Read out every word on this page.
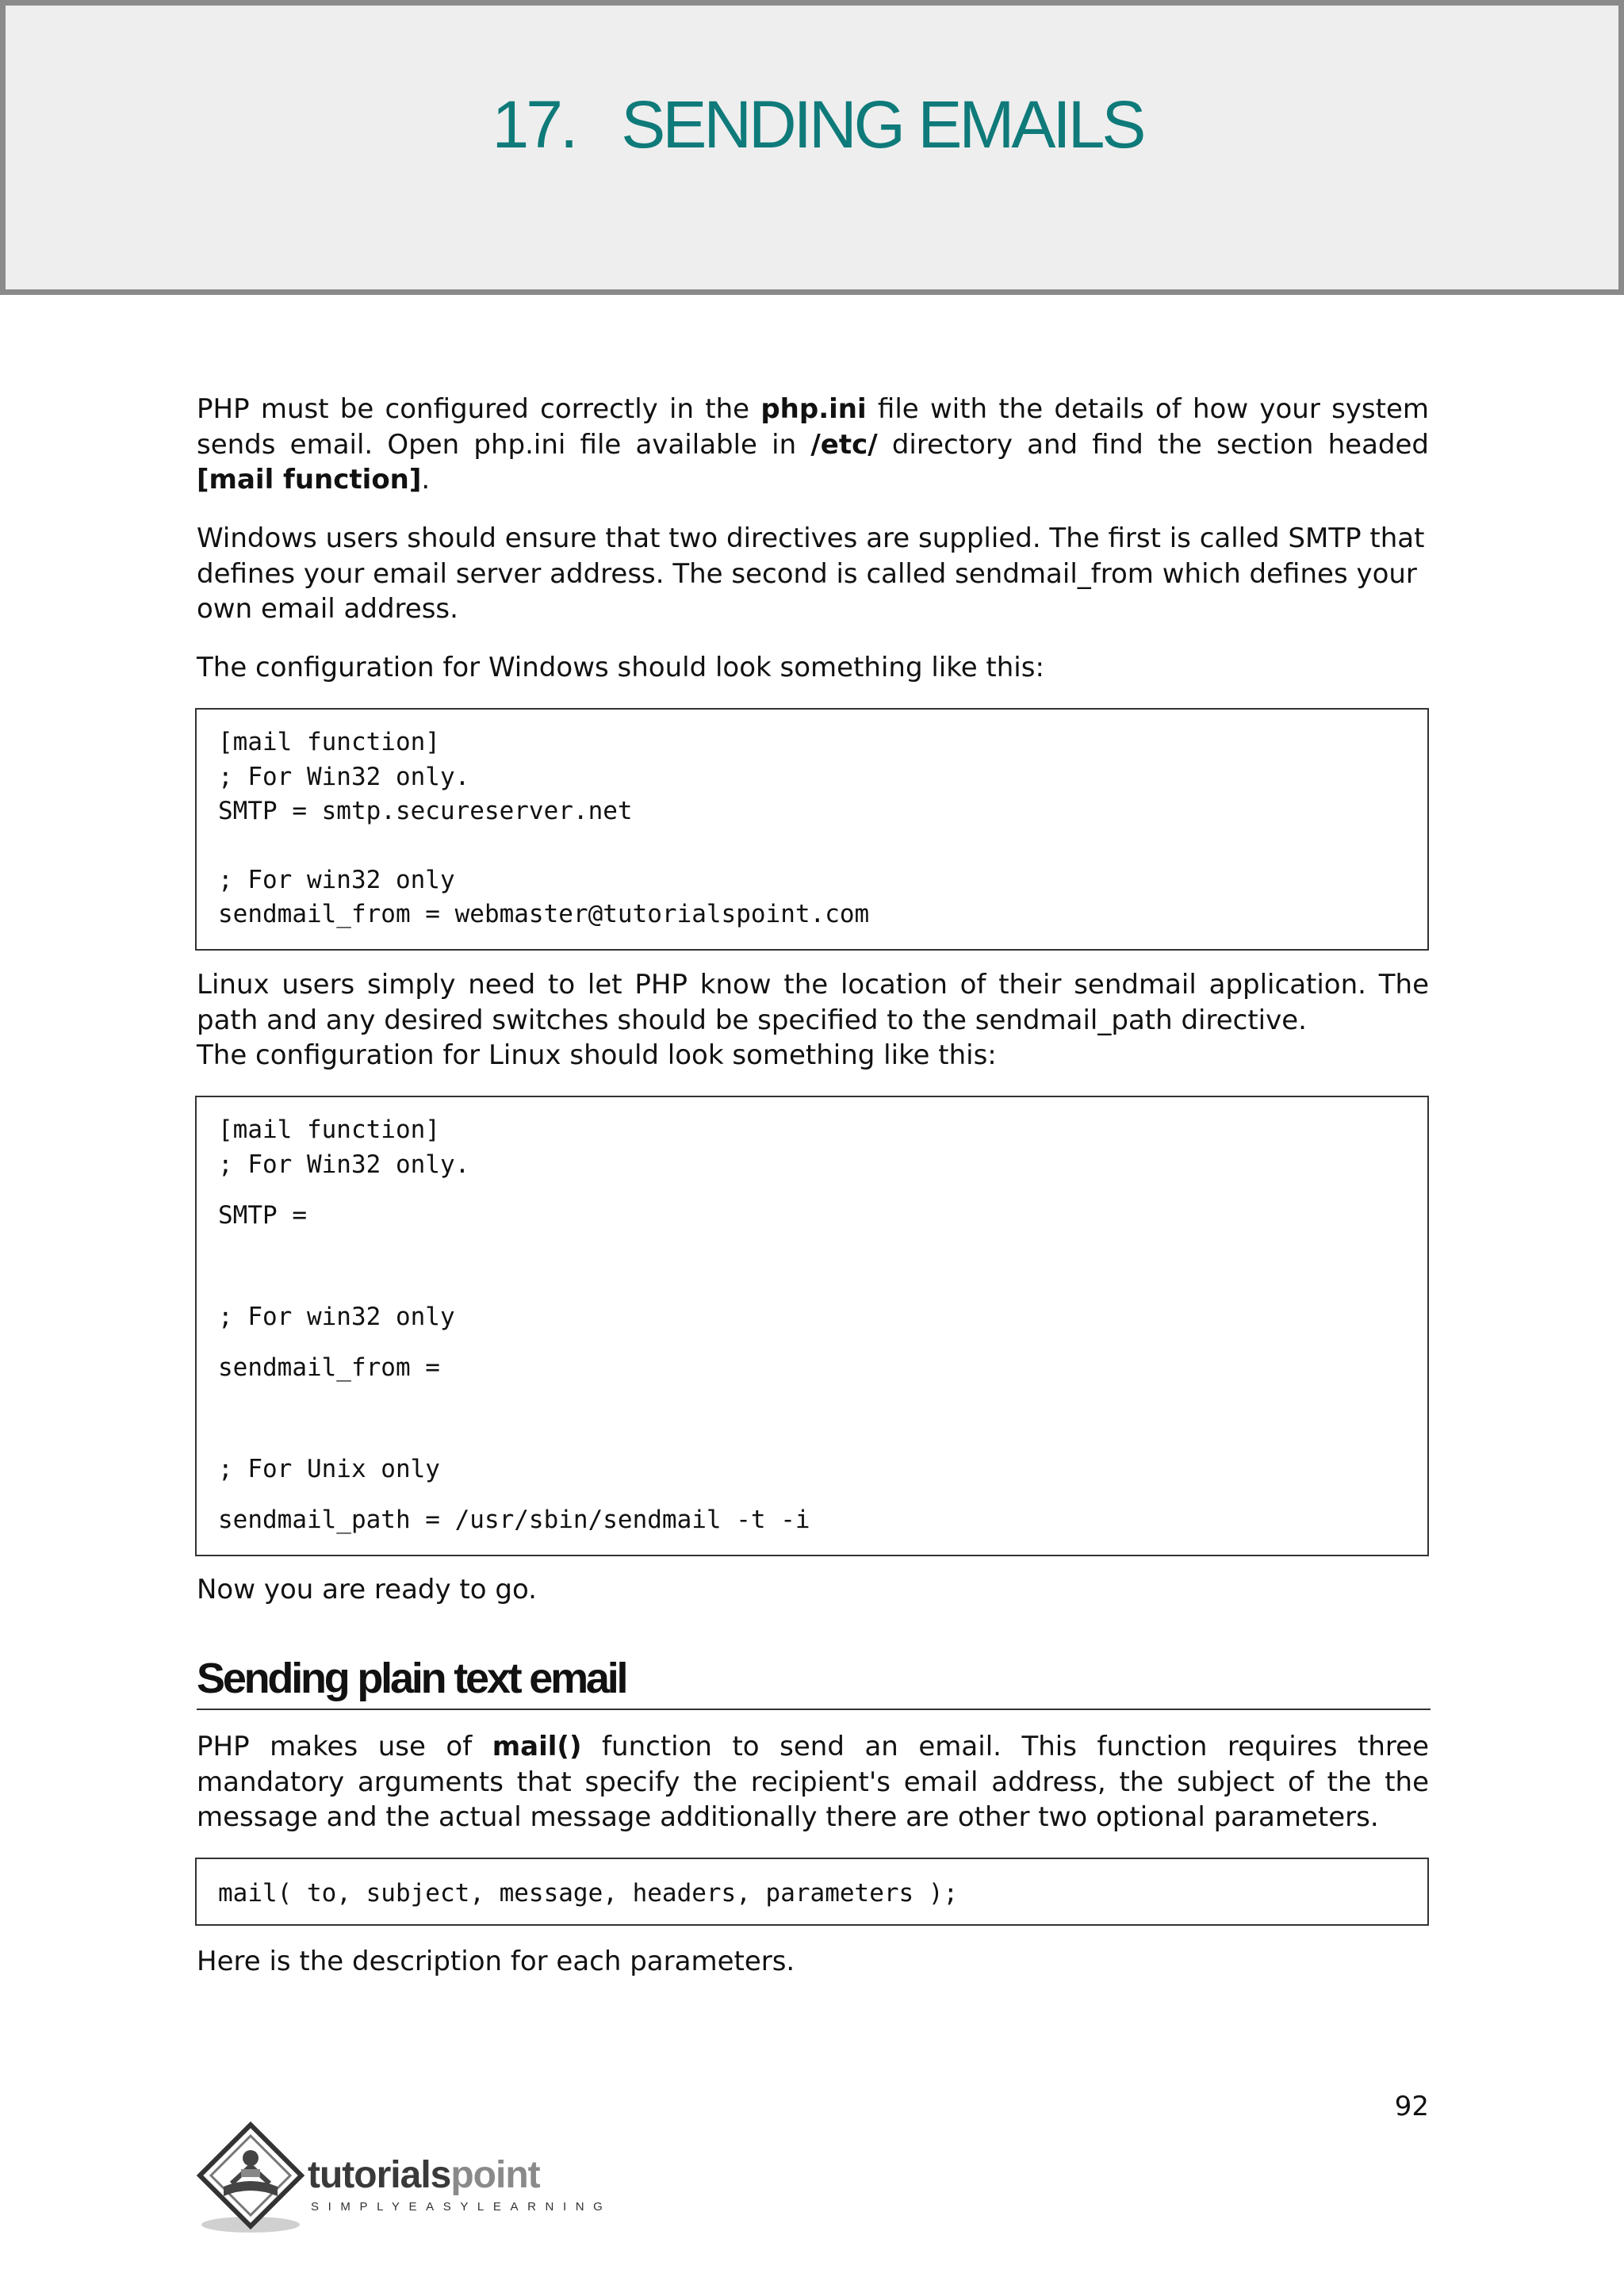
17. SENDING EMAILS

PHP must be configured correctly in the php.ini file with the details of how your system sends email. Open php.ini file available in /etc/ directory and find the section headed [mail function].

Windows users should ensure that two directives are supplied. The first is called SMTP that defines your email server address. The second is called sendmail_from which defines your own email address.

The configuration for Windows should look something like this:

[mail function]
; For Win32 only.
SMTP = smtp.secureserver.net
; For win32 only
sendmail_from = webmaster@tutorialspoint.com

Linux users simply need to let PHP know the location of their sendmail application. The path and any desired switches should be specified to the sendmail_path directive.

The configuration for Linux should look something like this:

[mail function]
; For Win32 only.
SMTP =
; For win32 only
sendmail_from =
; For Unix only
sendmail_path = /usr/sbin/sendmail -t -i

Now you are ready to go.

Sending plain text email

PHP makes use of mail() function to send an email. This function requires three mandatory arguments that specify the recipient's email address, the subject of the the message and the actual message additionally there are other two optional parameters.

mail( to, subject, message, headers, parameters );

Here is the description for each parameters.

92
tutorialspoint
SIMPLYEASYLEARNING
